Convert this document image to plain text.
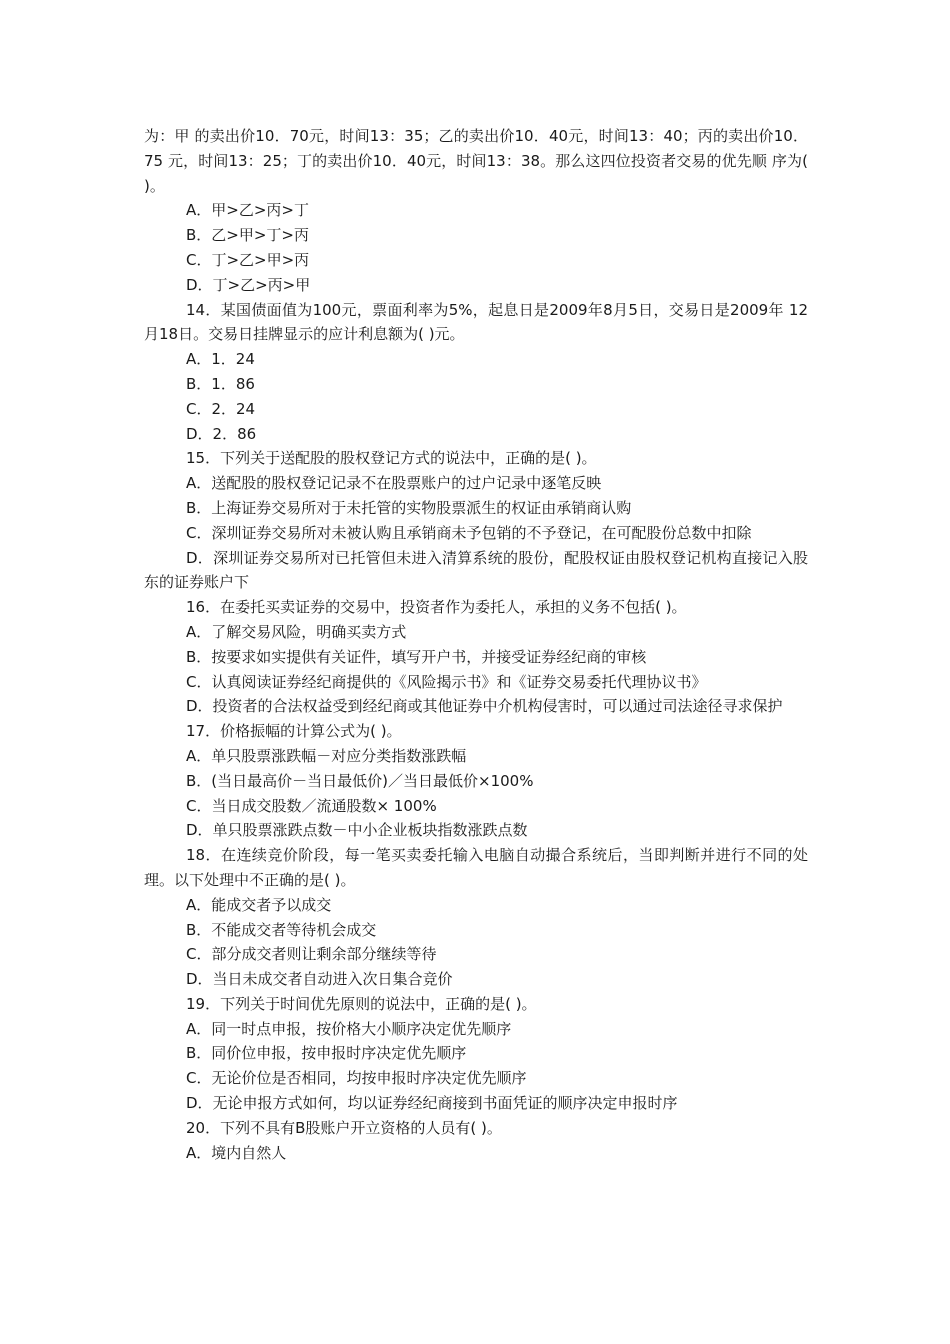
为：甲 的卖出价10．70元，时间13：35；乙的卖出价10．40元，时间13：40；丙的卖出价10．75 元，时间13：25；丁的卖出价10．40元，时间13：38。那么这四位投资者交易的优先顺 序为( )。

A．甲>乙>丙>丁

B．乙>甲>丁>丙

C．丁>乙>甲>丙

D．丁>乙>丙>甲

14．某国债面值为100元，票面利率为5%，起息日是2009年8月5日，交易日是2009年 12月18日。交易日挂牌显示的应计利息额为( )元。

A．1．24

B．1．86

C．2．24

D．2．86

15．下列关于送配股的股权登记方式的说法中，正确的是( )。

A．送配股的股权登记记录不在股票账户的过户记录中逐笔反映

B．上海证券交易所对于未托管的实物股票派生的权证由承销商认购

C．深圳证券交易所对未被认购且承销商未予包销的不予登记，在可配股份总数中扣除

D．深圳证券交易所对已托管但未进入清算系统的股份，配股权证由股权登记机构直接记入股东的证券账户下

16．在委托买卖证券的交易中，投资者作为委托人，承担的义务不包括( )。

A．了解交易风险，明确买卖方式

B．按要求如实提供有关证件，填写开户书，并接受证券经纪商的审核

C．认真阅读证券经纪商提供的《风险揭示书》和《证券交易委托代理协议书》

D．投资者的合法权益受到经纪商或其他证券中介机构侵害时，可以通过司法途径寻求保护

17．价格振幅的计算公式为( )。

A．单只股票涨跌幅－对应分类指数涨跌幅

B．(当日最高价－当日最低价)／当日最低价×100%

C．当日成交股数／流通股数× 100%

D．单只股票涨跌点数－中小企业板块指数涨跌点数

18．在连续竞价阶段，每一笔买卖委托输入电脑自动撮合系统后，当即判断并进行不同的处理。以下处理中不正确的是( )。

A．能成交者予以成交

B．不能成交者等待机会成交

C．部分成交者则让剩余部分继续等待

D．当日未成交者自动进入次日集合竞价

19．下列关于时间优先原则的说法中，正确的是( )。

A．同一时点申报，按价格大小顺序决定优先顺序

B．同价位申报，按申报时序决定优先顺序

C．无论价位是否相同，均按申报时序决定优先顺序

D．无论申报方式如何，均以证券经纪商接到书面凭证的顺序决定申报时序

20．下列不具有B股账户开立资格的人员有( )。

A．境内自然人
